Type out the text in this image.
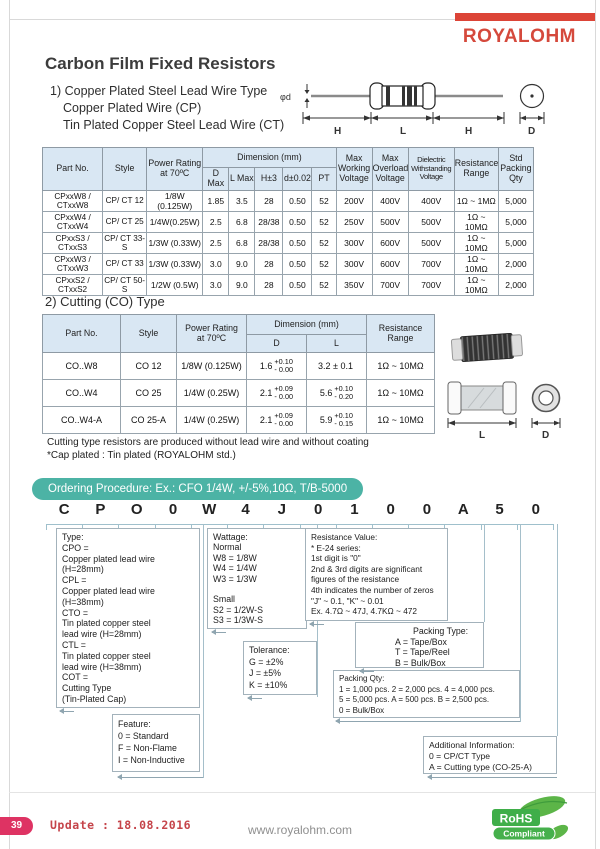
ROYALOHM
Carbon Film Fixed Resistors
1) Copper Plated Steel Lead Wire Type
Copper Plated Wire (CP)
Tin Plated Copper Steel Lead Wire (CT)
φd
H	L	H	D
Part No.	Style	Power Rating
at 70ºC	Dimension (mm)					Max Working Voltage	Max Overload Voltage	Dielectric Withstanding Voltage	Resistance Range	Std Packing Qty
			D Max	L Max	H±3	d±0.02	PT					
CPxxW8 / CTxxW8	CP/ CT 12	1/8W (0.125W)	1.85	3.5	28	0.50	52	200V	400V	400V	1Ω ~ 1MΩ	5,000
CPxxW4 / CTxxW4	CP/ CT 25	1/4W(0.25W)	2.5	6.8	28/38	0.50	52	250V	500V	500V	1Ω ~ 10MΩ	5,000
CPxxS3 / CTxxS3	CP/ CT 33-S	1/3W (0.33W)	2.5	6.8	28/38	0.50	52	300V	600V	500V	1Ω ~ 10MΩ	5,000
CPxxW3 / CTxxW3	CP/ CT 33	1/3W (0.33W)	3.0	9.0	28	0.50	52	300V	600V	700V	1Ω ~ 10MΩ	2,000
CPxxS2 / CTxxS2	CP/ CT 50-S	1/2W (0.5W)	3.0	9.0	28	0.50	52	350V	700V	700V	1Ω ~ 10MΩ	2,000
2) Cutting (CO) Type
Part No.	Style	Power Rating
at 70ºC	Dimension (mm)		Resistance Range
			D	L	
CO..W8	CO 12	1/8W (0.125W)	1.6 +0.10
- 0.00	3.2 ± 0.1	1Ω ~ 10MΩ
CO..W4	CO 25	1/4W (0.25W)	2.1 +0.09
- 0.00	5.6 +0.10
- 0.20	1Ω ~ 10MΩ
CO..W4-A	CO 25-A	1/4W (0.25W)	2.1 +0.09
- 0.00	5.9 +0.10
- 0.15	1Ω ~ 10MΩ
L	D
Cutting type resistors are produced without lead wire and without coating
*Cap plated : Tin plated (ROYALOHM std.)
Ordering Procedure: Ex.: CFO 1/4W, +/-5%,10Ω, T/B-5000
C	P	O	0	W	4	J	0	1	0	0	A	5	0
Type:
CPO =
Copper plated lead wire
(H=28mm)
CPL =
Copper plated lead wire
(H=38mm)
CTO =
Tin plated copper steel
lead wire (H=28mm)
CTL =
Tin plated copper steel
lead wire (H=38mm)
COT =
Cutting Type
(Tin-Plated Cap)
Wattage:
Normal
W8 = 1/8W
W4 = 1/4W
W3 = 1/3W

Small
S2 = 1/2W-S
S3 = 1/3W-S
Resistance Value:
* E-24 series:
1st digit is "0"
2nd & 3rd digits are significant
figures of the resistance
4th indicates the number of zeros
"J" ~ 0.1, "K" ~ 0.01
Ex. 4.7Ω ~ 47J, 4.7KΩ ~ 472
Tolerance:
G = ±2%
J = ±5%
K = ±10%
Packing Type:
A = Tape/Box
T = Tape/Reel
B = Bulk/Box
Packing Qty:
1 = 1,000 pcs. 2 = 2,000 pcs. 4 = 4,000 pcs.
5 = 5,000 pcs. A = 500 pcs. B = 2,500 pcs.
0 = Bulk/Box
Feature:
0 = Standard
F = Non-Flame
I = Non-Inductive
Additional Information:
0 = CP/CT Type
A = Cutting type (CO-25-A)
39	Update : 18.08.2016	www.royalohm.com
RoHS
Compliant
